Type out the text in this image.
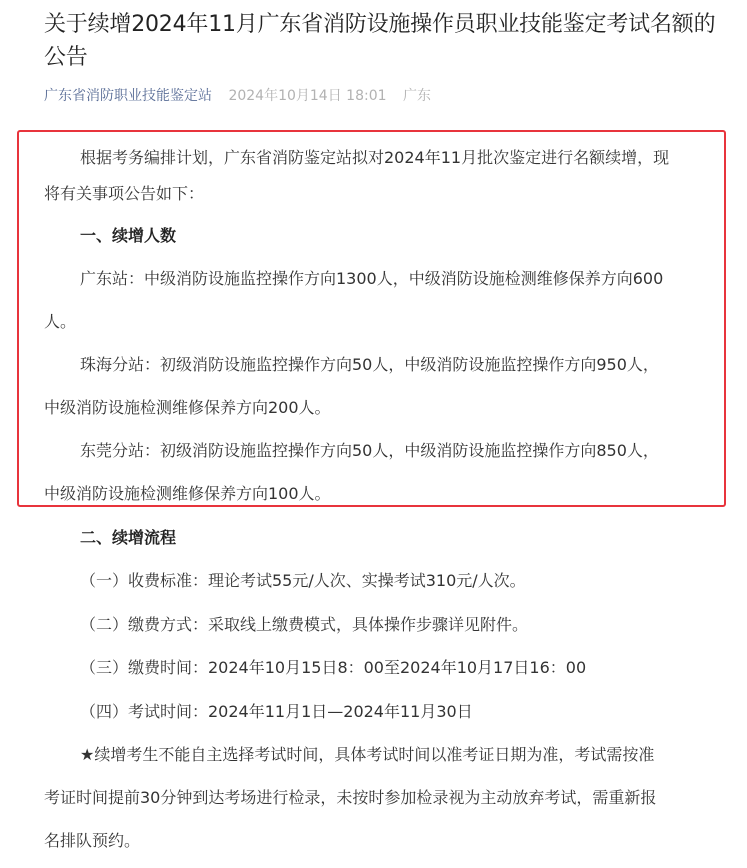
关于续增2024年11月广东省消防设施操作员职业技能鉴定考试名额的公告
广东省消防职业技能鉴定站 2024年10月14日 18:01 广东

根据考务编排计划，广东省消防鉴定站拟对2024年11月批次鉴定进行名额续增，现

将有关事项公告如下：

一、续增人数

广东站：中级消防设施监控操作方向1300人，中级消防设施检测维修保养方向600

人。

珠海分站：初级消防设施监控操作方向50人，中级消防设施监控操作方向950人，

中级消防设施检测维修保养方向200人。

东莞分站：初级消防设施监控操作方向50人，中级消防设施监控操作方向850人，

中级消防设施检测维修保养方向100人。

二、续增流程

（一）收费标准：理论考试55元/人次、实操考试310元/人次。

（二）缴费方式：采取线上缴费模式，具体操作步骤详见附件。

（三）缴费时间：2024年10月15日8：00至2024年10月17日16：00

（四）考试时间：2024年11月1日—2024年11月30日

★续增考生不能自主选择考试时间，具体考试时间以准考证日期为准，考试需按准

考证时间提前30分钟到达考场进行检录，未按时参加检录视为主动放弃考试，需重新报

名排队预约。
